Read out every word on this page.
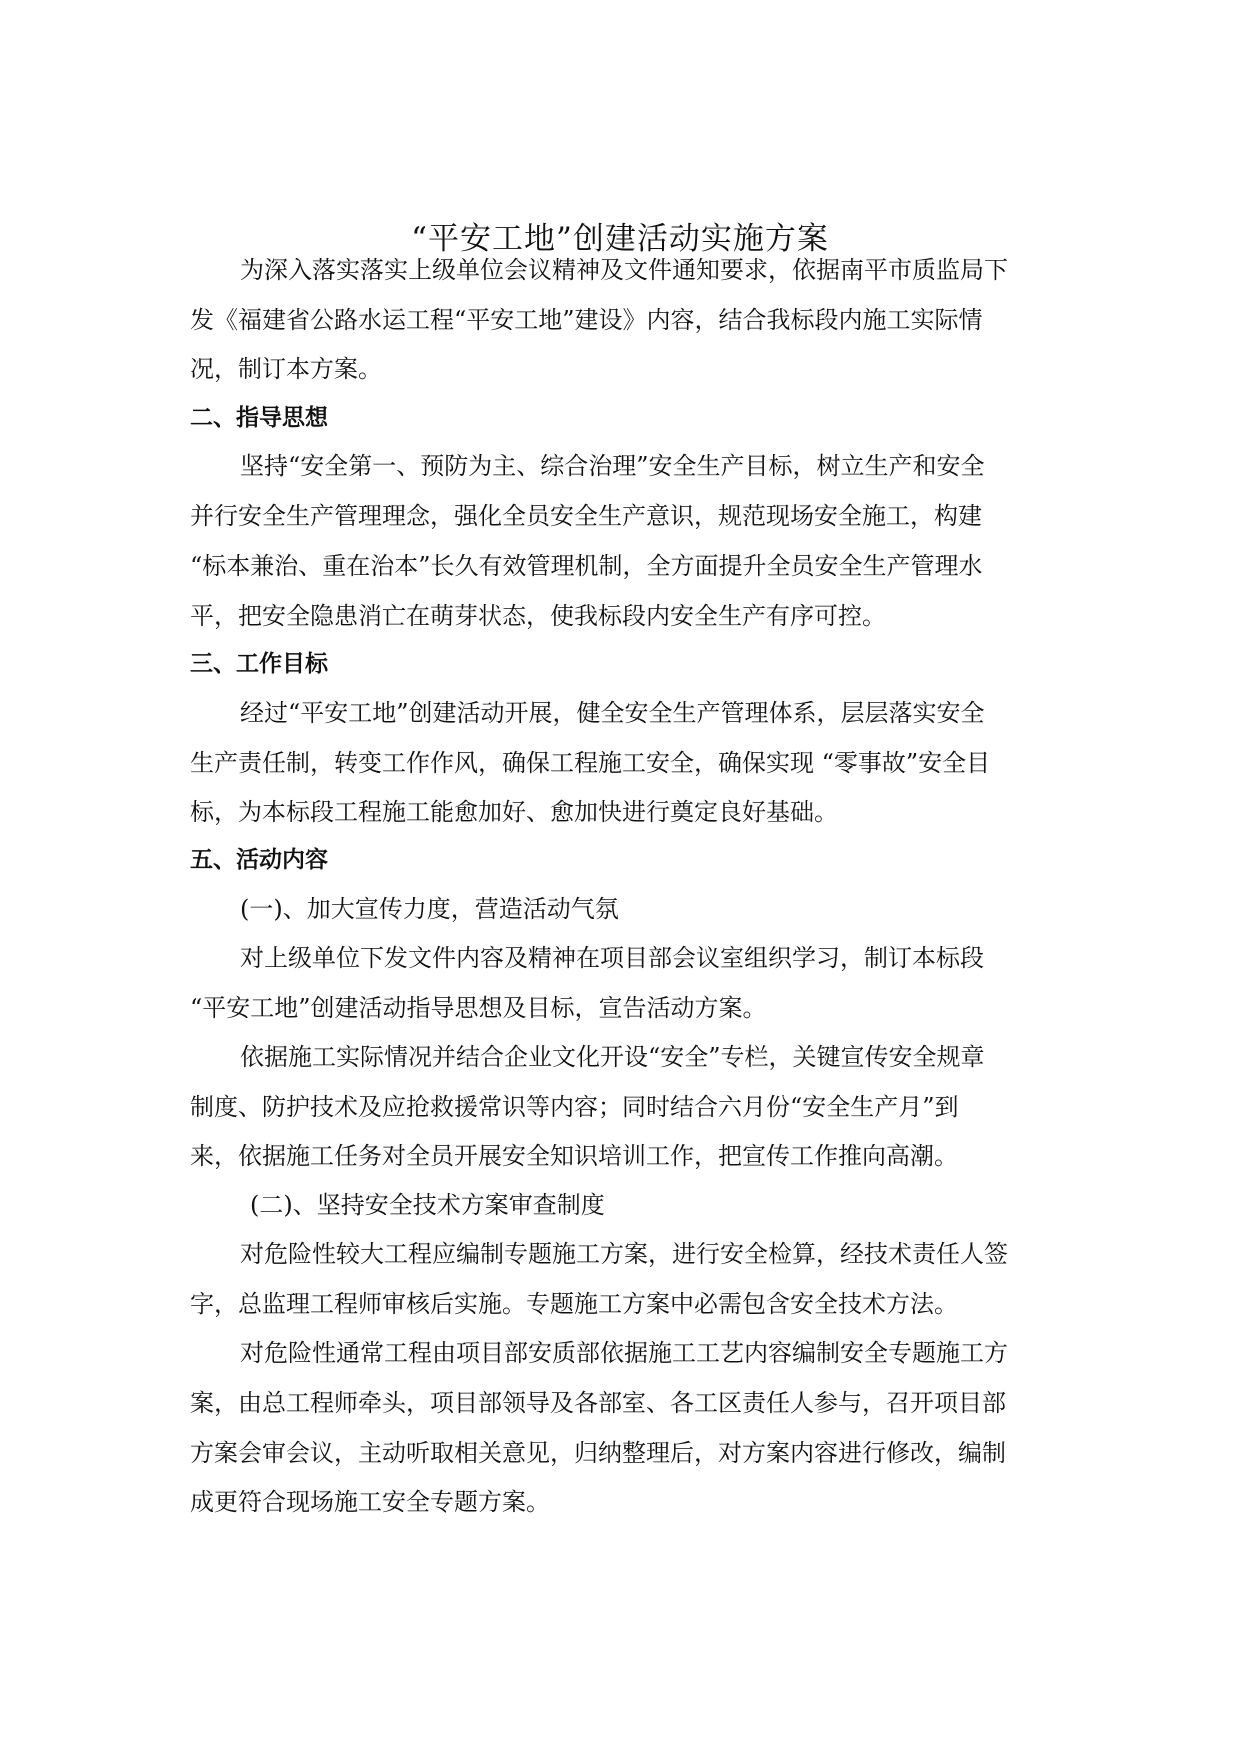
“平安工地”创建活动实施方案
为深入落实落实上级单位会议精神及文件通知要求，依据南平市质监局下
发《福建省公路水运工程“平安工地”建设》内容，结合我标段内施工实际情
况，制订本方案。
二、指导思想
坚持“安全第一、预防为主、综合治理”安全生产目标，树立生产和安全
并行安全生产管理理念，强化全员安全生产意识，规范现场安全施工，构建
“标本兼治、重在治本”长久有效管理机制，全方面提升全员安全生产管理水
平，把安全隐患消亡在萌芽状态，使我标段内安全生产有序可控。
三、工作目标
经过“平安工地”创建活动开展，健全安全生产管理体系，层层落实安全
生产责任制，转变工作作风，确保工程施工安全，确保实现 “零事故”安全目
标，为本标段工程施工能愈加好、愈加快进行奠定良好基础。
五、活动内容
(一)、加大宣传力度，营造活动气氛
对上级单位下发文件内容及精神在项目部会议室组织学习，制订本标段
“平安工地”创建活动指导思想及目标，宣告活动方案。
依据施工实际情况并结合企业文化开设“安全”专栏，关键宣传安全规章
制度、防护技术及应抢救援常识等内容；同时结合六月份“安全生产月”到
来，依据施工任务对全员开展安全知识培训工作，把宣传工作推向高潮。
(二)、坚持安全技术方案审查制度
对危险性较大工程应编制专题施工方案，进行安全检算，经技术责任人签
字，总监理工程师审核后实施。专题施工方案中必需包含安全技术方法。
对危险性通常工程由项目部安质部依据施工工艺内容编制安全专题施工方
案，由总工程师牵头，项目部领导及各部室、各工区责任人参与，召开项目部
方案会审会议，主动听取相关意见，归纳整理后，对方案内容进行修改，编制
成更符合现场施工安全专题方案。
